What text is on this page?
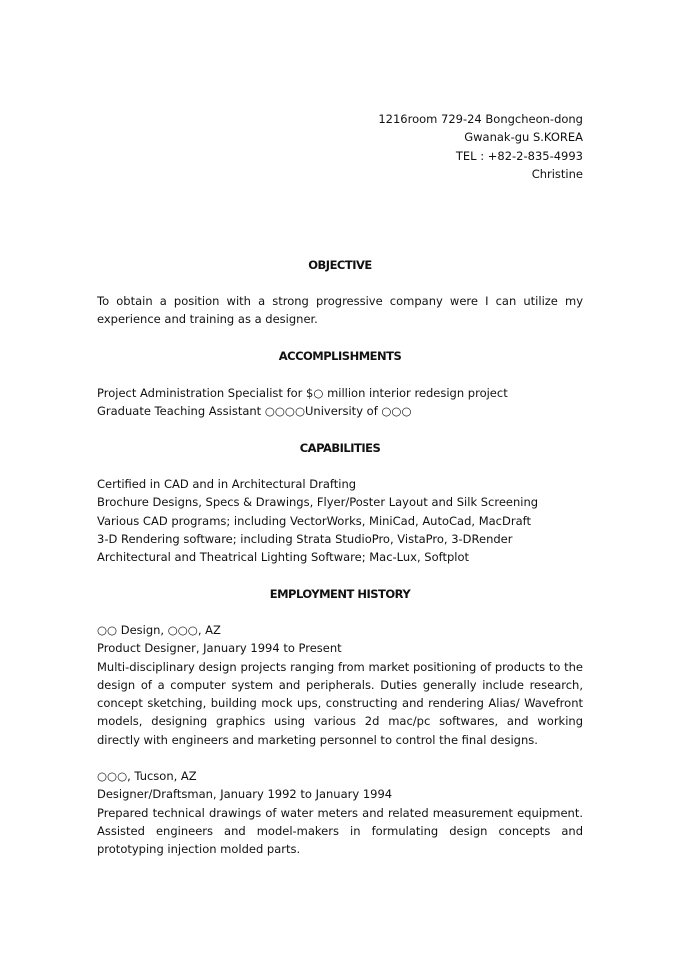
1216room 729-24 Bongcheon-dong
Gwanak-gu S.KOREA
TEL : +82-2-835-4993
Christine
OBJECTIVE
To obtain a position with a strong progressive company were I can utilize my experience and training as a designer.
ACCOMPLISHMENTS
Project Administration Specialist for $○ million interior redesign project
Graduate Teaching Assistant ○○○○University of ○○○
CAPABILITIES
Certified in CAD and in Architectural Drafting
Brochure Designs, Specs & Drawings, Flyer/Poster Layout and Silk Screening
Various CAD programs; including VectorWorks, MiniCad, AutoCad, MacDraft
3-D Rendering software; including Strata StudioPro, VistaPro, 3-DRender
Architectural and Theatrical Lighting Software; Mac-Lux, Softplot
EMPLOYMENT HISTORY
○○ Design, ○○○, AZ
Product Designer, January 1994 to Present
Multi-disciplinary design projects ranging from market positioning of products to the design of a computer system and peripherals. Duties generally include research, concept sketching, building mock ups, constructing and rendering Alias/ Wavefront models, designing graphics using various 2d mac/pc softwares, and working directly with engineers and marketing personnel to control the final designs.
○○○, Tucson, AZ
Designer/Draftsman, January 1992 to January 1994
Prepared technical drawings of water meters and related measurement equipment. Assisted engineers and model-makers in formulating design concepts and prototyping injection molded parts.
